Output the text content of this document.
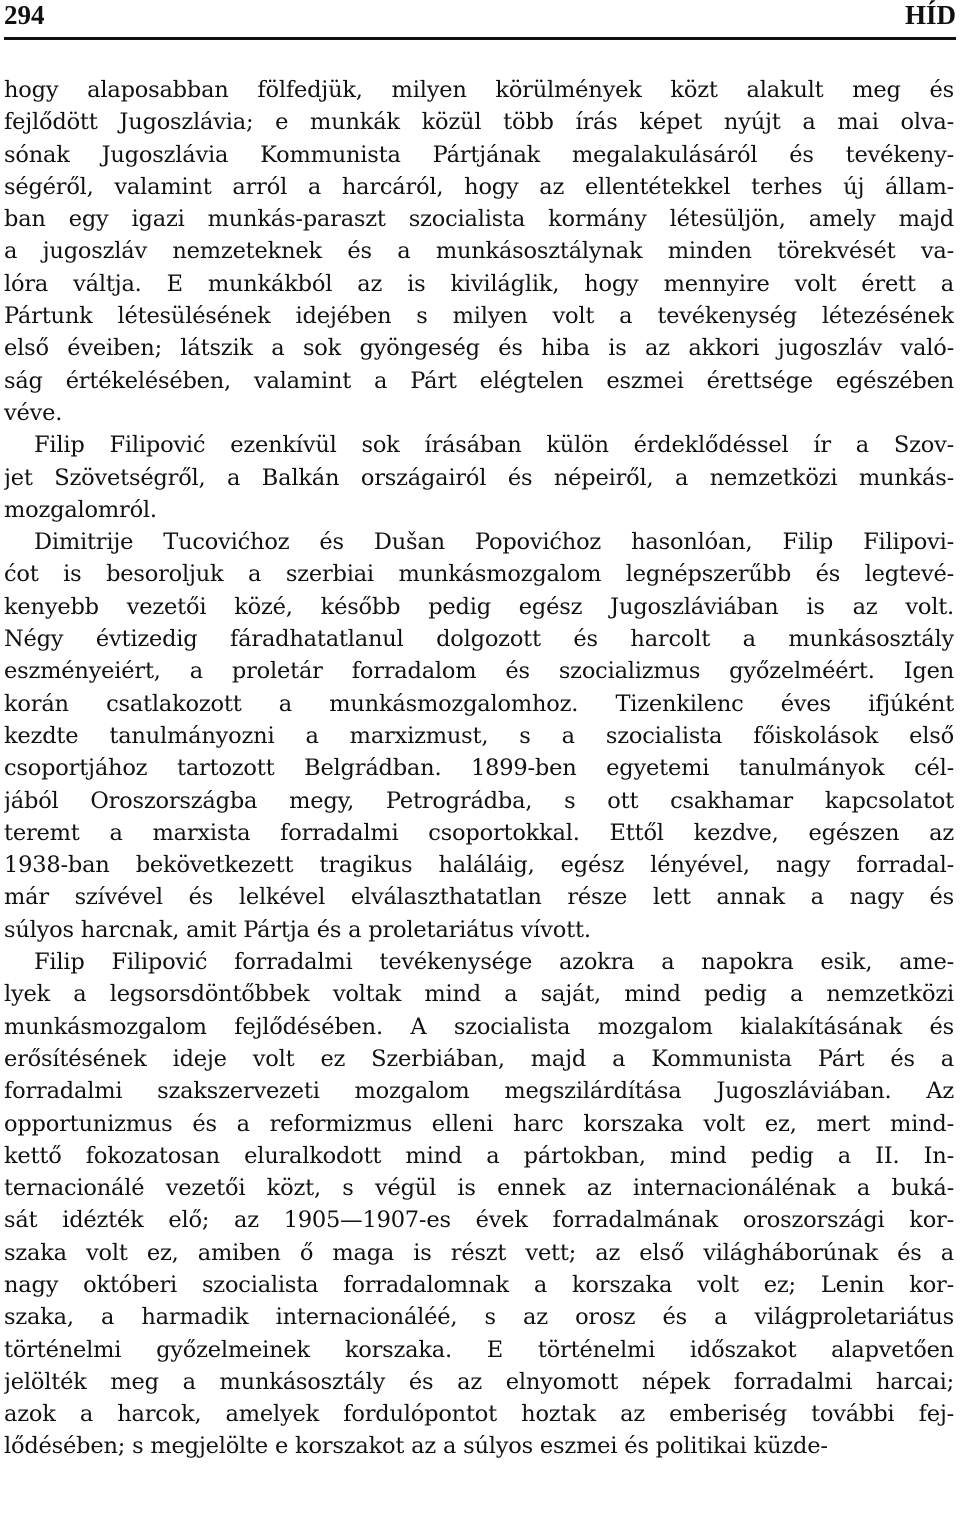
294	HÍD
hogy alaposabban fölfedjük, milyen körülmények közt alakult meg és
fejlődött Jugoszlávia; e munkák közül több írás képet nyújt a mai olva-
sónak Jugoszlávia Kommunista Pártjának megalakulásáról és tevékeny-
ségéről, valamint arról a harcáról, hogy az ellentétekkel terhes új állam-
ban egy igazi munkás-paraszt szocialista kormány létesüljön, amely majd
a jugoszláv nemzeteknek és a munkásosztálynak minden törekvését va-
lóra váltja. E munkákból az is kiviláglik, hogy mennyire volt érett a
Pártunk létesülésének idejében s milyen volt a tevékenység létezésének
első éveiben; látszik a sok gyöngeség és hiba is az akkori jugoszláv való-
ság értékelésében, valamint a Párt elégtelen eszmei érettsége egészében
véve.
Filip Filipović ezenkívül sok írásában külön érdeklődéssel ír a Szov-
jet Szövetségről, a Balkán országairól és népeiről, a nemzetközi munkás-
mozgalomról.
Dimitrije Tucovićhoz és Dušan Popovićhoz hasonlóan, Filip Filipovi-
ćot is besoroljuk a szerbiai munkásmozgalom legnépszerűbb és legtevé-
kenyebb vezetői közé, később pedig egész Jugoszláviában is az volt.
Négy évtizedig fáradhatatlanul dolgozott és harcolt a munkásosztály
eszményeiért, a proletár forradalom és szocializmus győzelméért. Igen
korán csatlakozott a munkásmozgalomhoz. Tizenkilenc éves ifjúként
kezdte tanulmányozni a marxizmust, s a szocialista főiskolások első
csoportjához tartozott Belgrádban. 1899-ben egyetemi tanulmányok cél-
jából Oroszországba megy, Petrográdba, s ott csakhamar kapcsolatot
teremt a marxista forradalmi csoportokkal. Ettől kezdve, egészen az
1938-ban bekövetkezett tragikus haláláig, egész lényével, nagy forradal-
már szívével és lelkével elválaszthatatlan része lett annak a nagy és
súlyos harcnak, amit Pártja és a proletariátus vívott.
Filip Filipović forradalmi tevékenysége azokra a napokra esik, ame-
lyek a legsorsdöntőbbek voltak mind a saját, mind pedig a nemzetközi
munkásmozgalom fejlődésében. A szocialista mozgalom kialakításának és
erősítésének ideje volt ez Szerbiában, majd a Kommunista Párt és a
forradalmi szakszervezeti mozgalom megszilárdítása Jugoszláviában. Az
opportunizmus és a reformizmus elleni harc korszaka volt ez, mert mind-
kettő fokozatosan eluralkodott mind a pártokban, mind pedig a II. In-
ternacionálé vezetői közt, s végül is ennek az internacionálénak a buká-
sát idézték elő; az 1905—1907-es évek forradalmának oroszországi kor-
szaka volt ez, amiben ő maga is részt vett; az első világháborúnak és a
nagy októberi szocialista forradalomnak a korszaka volt ez; Lenin kor-
szaka, a harmadik internacionáléé, s az orosz és a világproletariátus
történelmi győzelmeinek korszaka. E történelmi időszakot alapvetően
jelölték meg a munkásosztály és az elnyomott népek forradalmi harcai;
azok a harcok, amelyek fordulópontot hoztak az emberiség további fej-
lődésében; s megjelölte e korszakot az a súlyos eszmei és politikai küzde-
